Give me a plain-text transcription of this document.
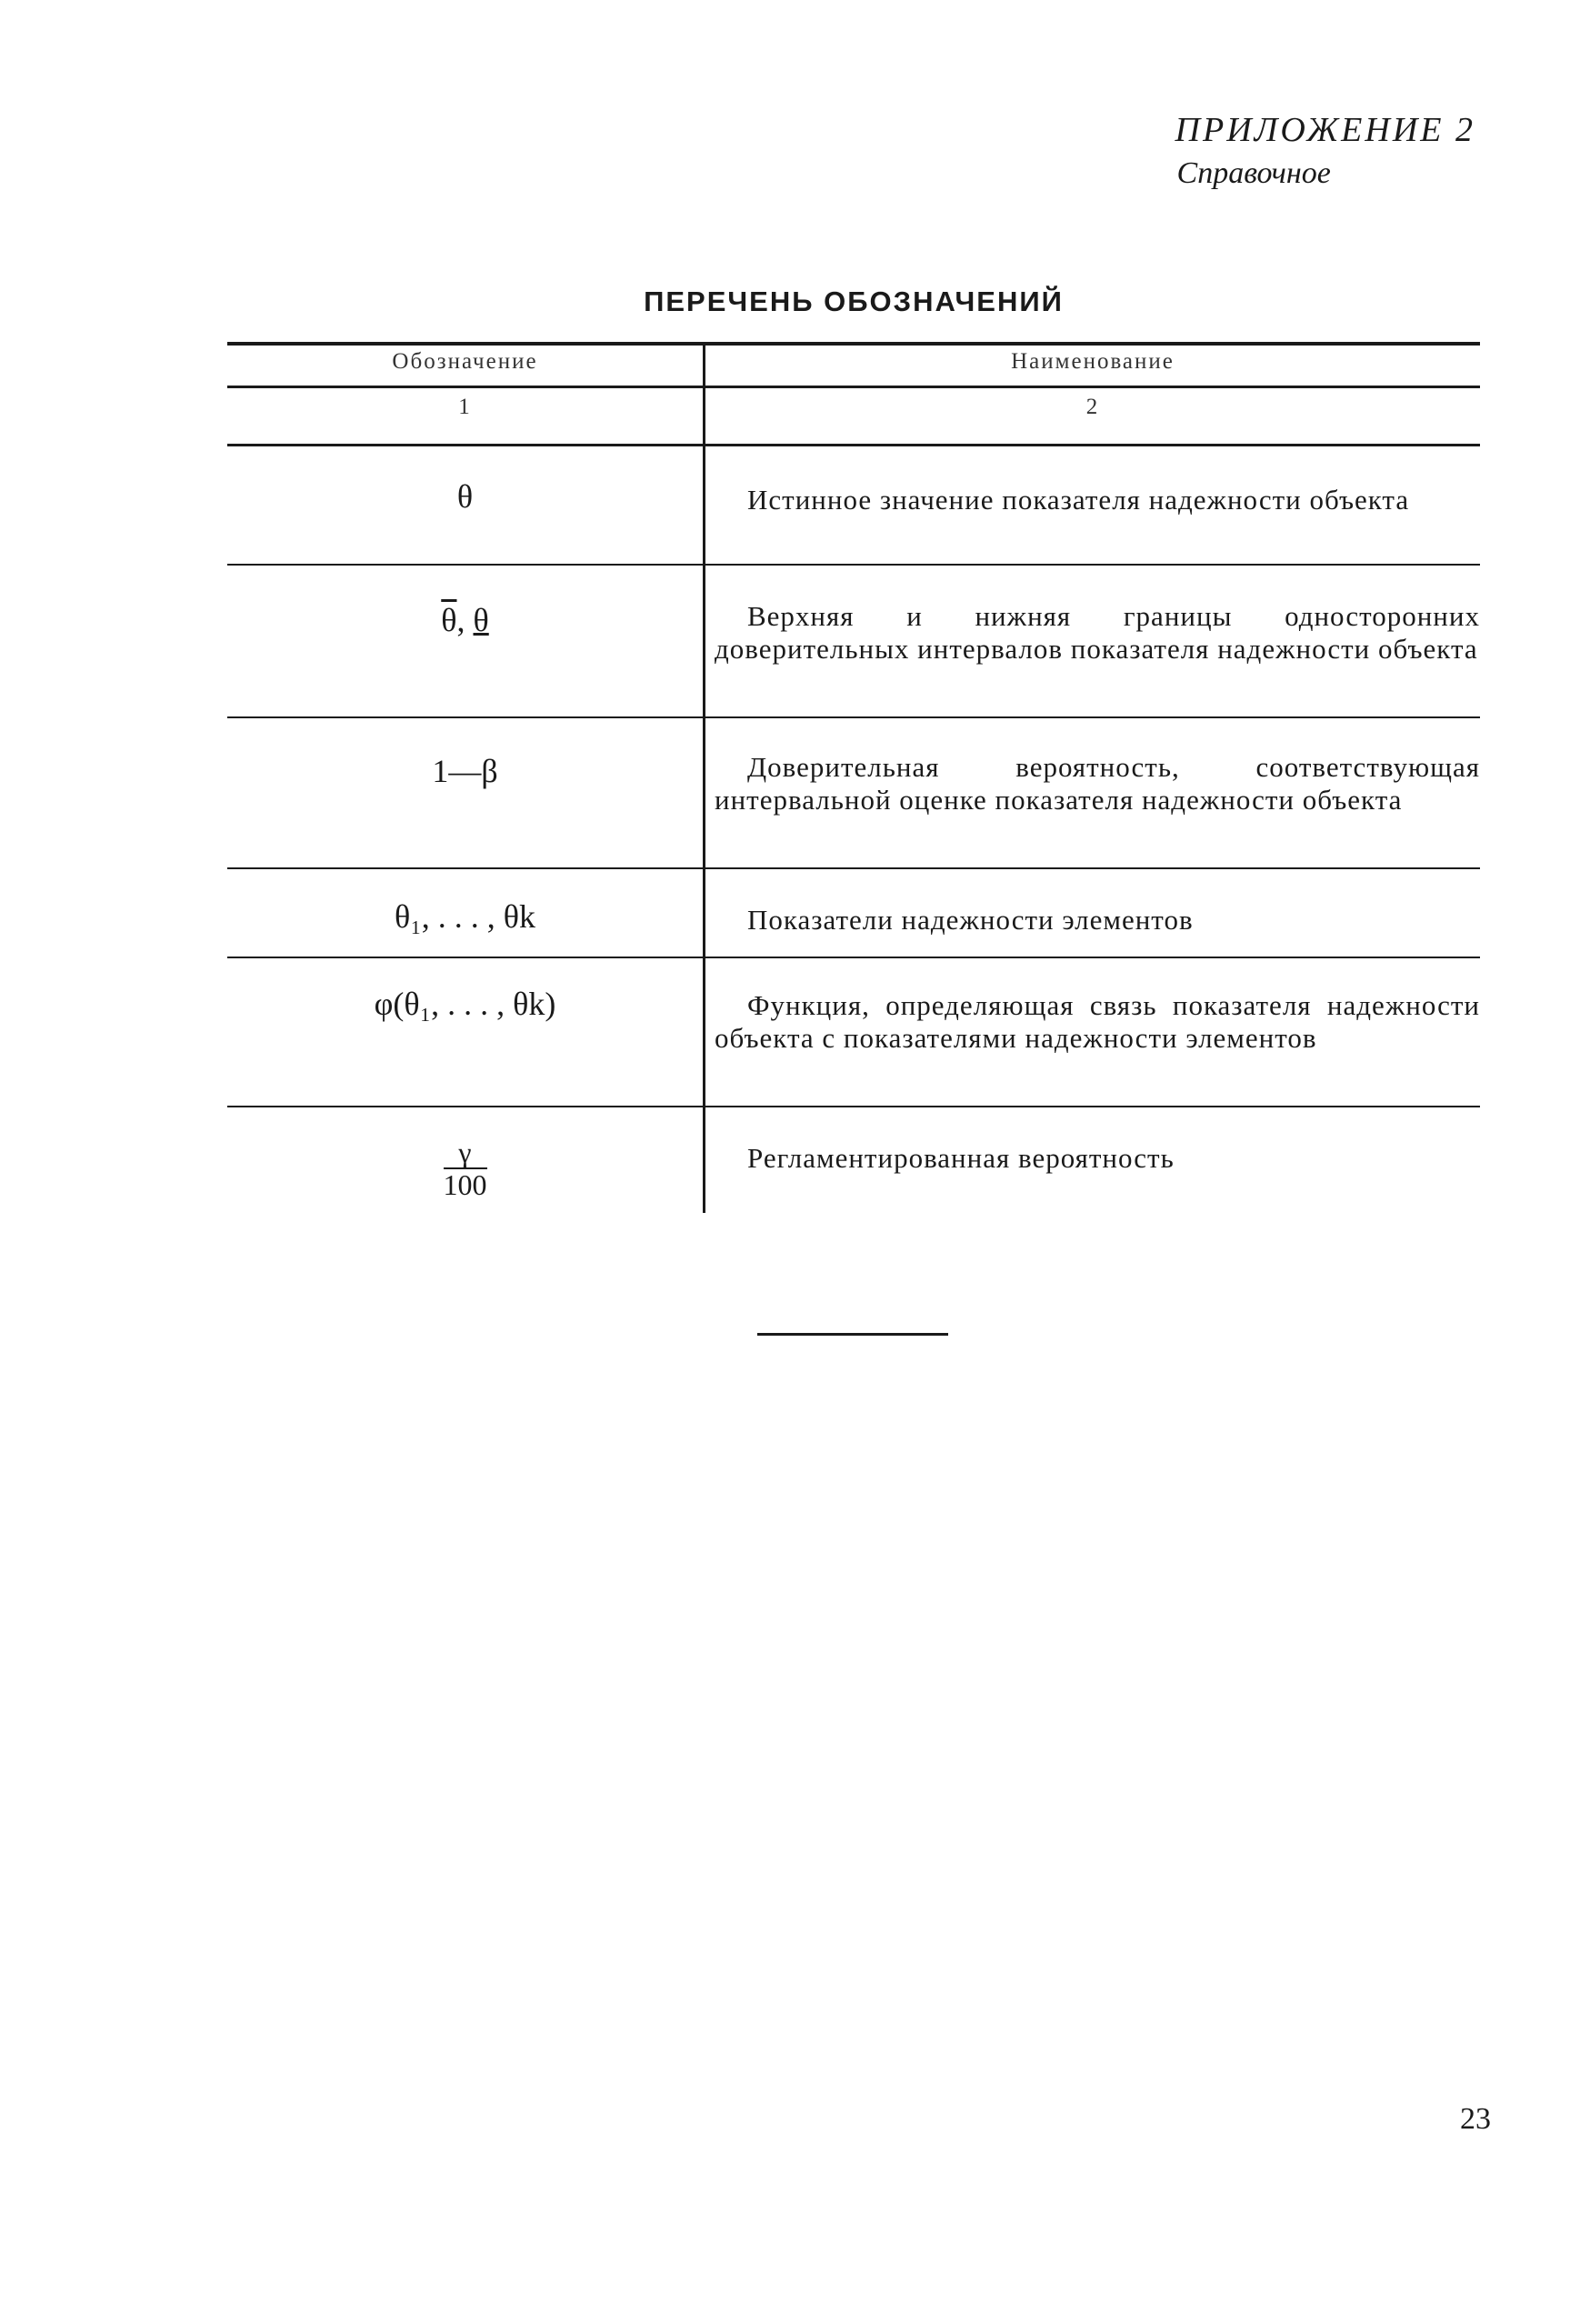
ПРИЛОЖЕНИЕ 2
Справочное
ПЕРЕЧЕНЬ ОБОЗНАЧЕНИЙ
Обозначение	Наименование
1	2
θ	Истинное значение показателя надежности объекта
$\overline{\theta}$, θ	Верхняя и нижняя границы односторонних доверительных интервалов показателя надежности объекта
1—β	Доверительная вероятность, соответствующая интервальной оценке показателя надежности объекта
θ₁, . . . , θk	Показатели надежности элементов
φ(θ₁, . . . , θk)	Функция, определяющая связь показателя надежности объекта с показателями надежности элементов
$\frac{\gamma}{100}$	Регламентированная вероятность
23
